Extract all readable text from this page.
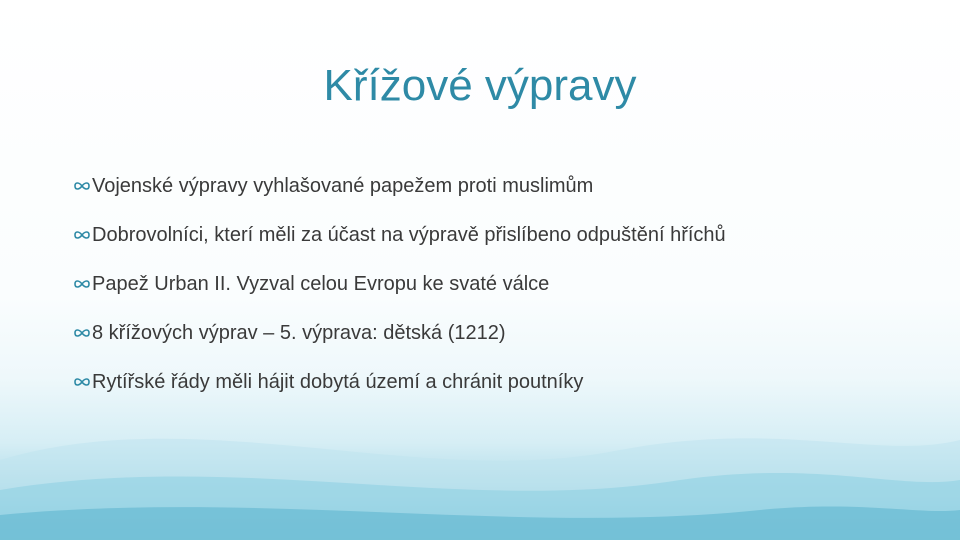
Křížové výpravy
Vojenské výpravy vyhlašované papežem proti muslimům
Dobrovolníci, kterí měli za účast na výpravě přislíbeno odpuštění hříchů
Papež Urban II. Vyzval celou Evropu ke svaté válce
8 křížových výprav – 5. výprava: dětská (1212)
Rytířské řády měli hájit dobytá území a chránit poutníky
